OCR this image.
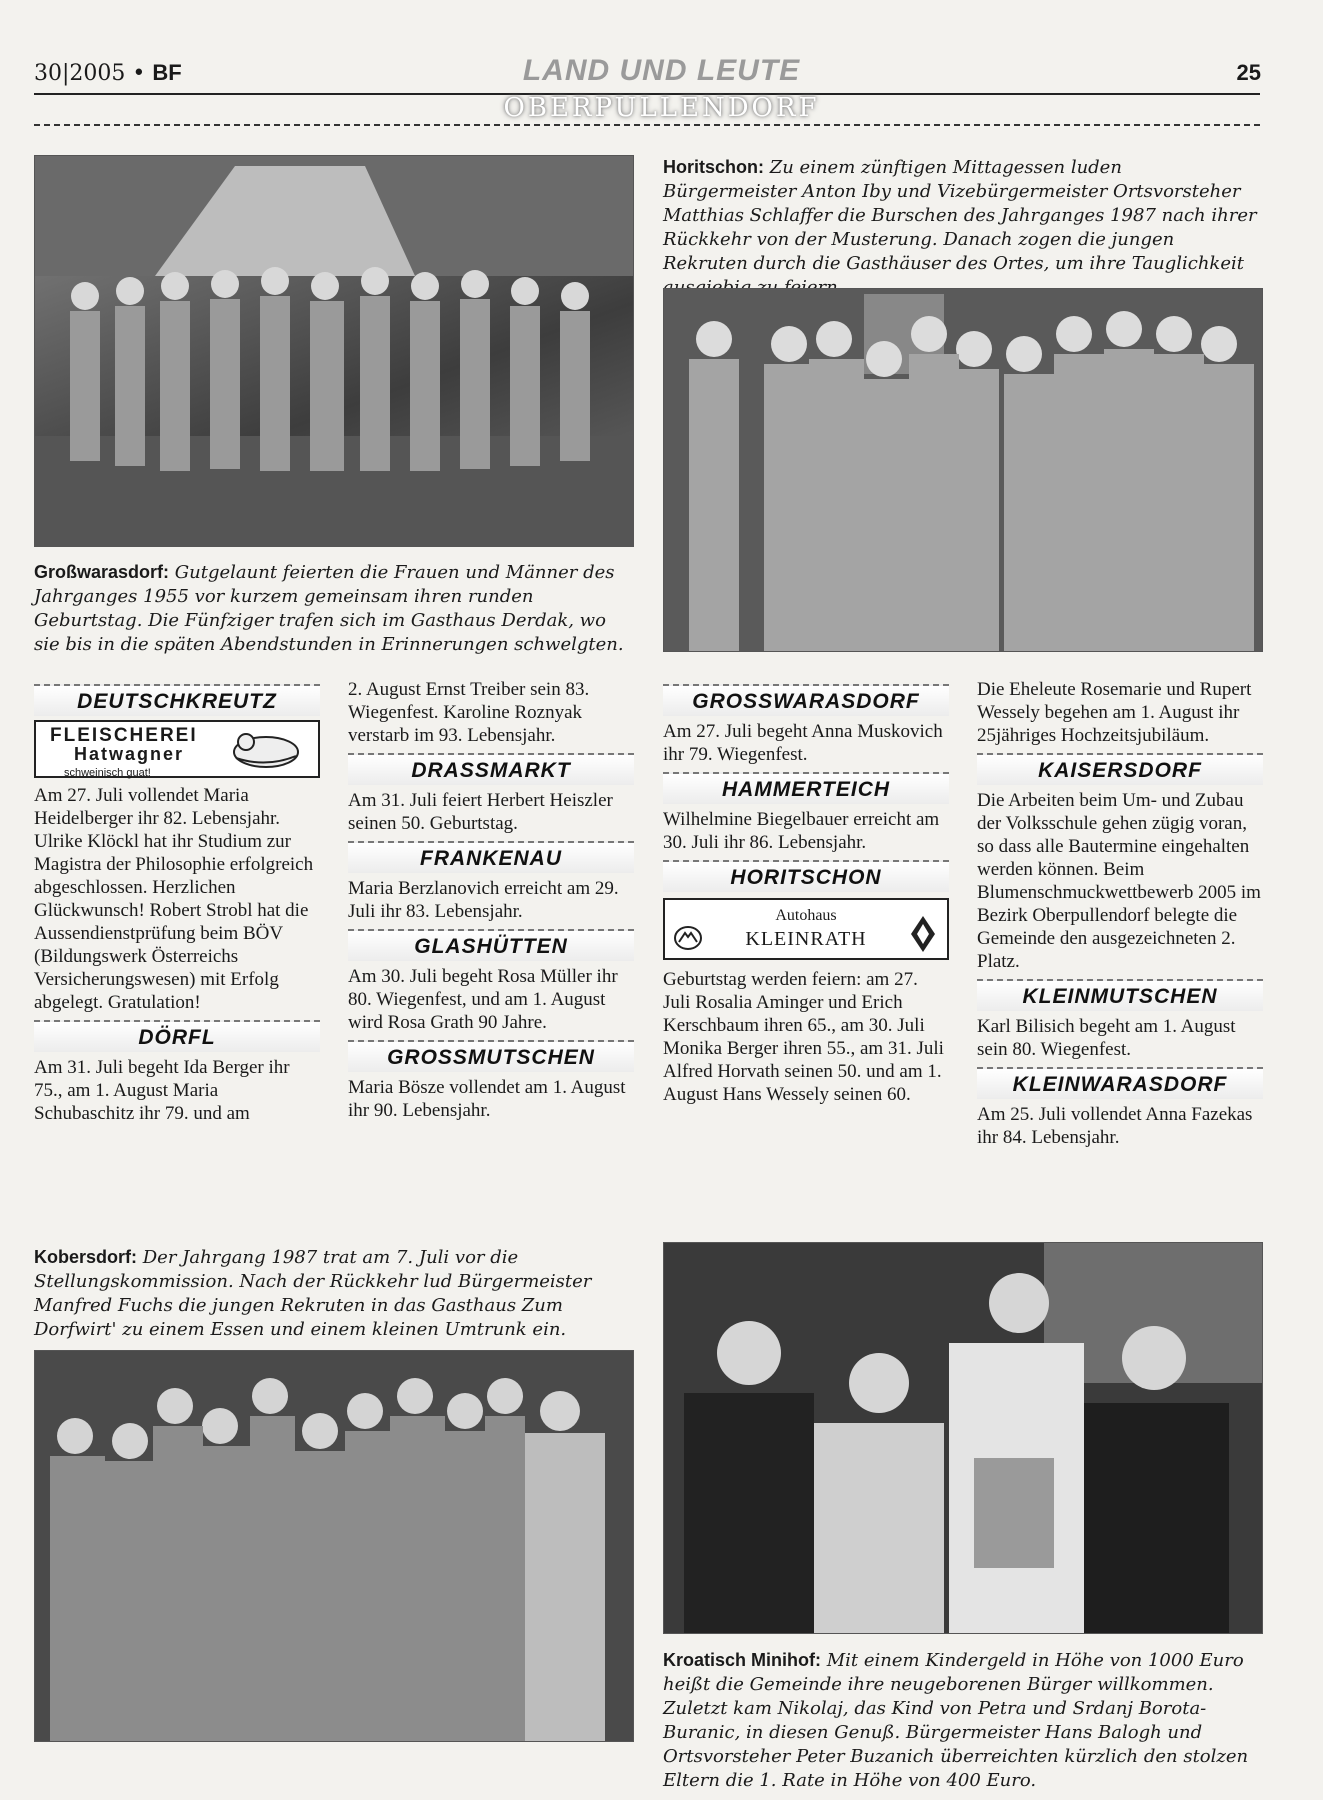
30|2005 • BF	LAND UND LEUTE	25
OBERPULLENDORF
Horitschon: Zu einem zünftigen Mittagessen luden Bürgermeister Anton Iby und Vizebürgermeister Ortsvorsteher Matthias Schlaffer die Burschen des Jahrganges 1987 nach ihrer Rückkehr von der Musterung. Danach zogen die jungen Rekruten durch die Gasthäuser des Ortes, um ihre Tauglichkeit
Großwarasdorf: Gutgelaunt feierten die Frauen und Männer des Jahrganges 1955 vor kurzem gemeinsam ihren runden Geburtstag. Die Fünfziger trafen sich im Gasthaus Derdak, wo sie bis in die späten Abendstunden in Erinnerungen schwelgten.
DEUTSCHKREUTZ
FLEISCHEREI
Hatwagner
schweinisch guat!

Am 27. Juli vollendet Maria Heidelberger ihr 82. Lebensjahr. Ulrike Klöckl hat ihr Studium zur Magistra der Philosophie erfolgreich abgeschlossen. Herzlichen Glückwunsch! Robert Strobl hat die Aussendienstprüfung beim BÖV (Bildungswerk Österreichs Versicherungswesen) mit Erfolg abgelegt. Gratulation!

DÖRFL

Am 31. Juli begeht Ida Berger ihr 75., am 1. August Maria Schubaschitz ihr 79. und am

2. August Ernst Treiber sein 83. Wiegenfest. Karoline Roznyak verstarb im 93. Lebensjahr.

DRASSMARKT

Am 31. Juli feiert Herbert Heiszler seinen 50. Geburtstag.

FRANKENAU

Maria Berzlanovich erreicht am 29. Juli ihr 83. Lebensjahr.

GLASHÜTTEN

Am 30. Juli begeht Rosa Müller ihr 80. Wiegenfest, und am 1. August wird Rosa Grath 90 Jahre.

GROSSMUTSCHEN

Maria Bösze vollendet am 1. August ihr 90. Lebensjahr.

GROSSWARASDORF

Am 27. Juli begeht Anna Muskovich ihr 79. Wiegenfest.

HAMMERTEICH

Wilhelmine Biegelbauer erreicht am 30. Juli ihr 86. Lebensjahr.

HORITSCHON
Autohaus
KLEINRATH

Geburtstag werden feiern: am 27. Juli Rosalia Aminger und Erich Kerschbaum ihren 65., am 30. Juli Monika Berger ihren 55., am 31. Juli Alfred Horvath seinen 50. und am 1. August Hans Wessely seinen 60.

Die Eheleute Rosemarie und Rupert Wessely begehen am 1. August ihr 25jähriges Hochzeitsjubiläum.

KAISERSDORF

Die Arbeiten beim Um- und Zubau der Volksschule gehen zügig voran, so dass alle Bautermine eingehalten werden können. Beim Blumenschmuckwettbewerb 2005 im Bezirk Oberpullendorf belegte die Gemeinde den ausgezeichneten 2. Platz.

KLEINMUTSCHEN

Karl Bilisich begeht am 1. August sein 80. Wiegenfest.

KLEINWARASDORF

Am 25. Juli vollendet Anna Fazekas ihr 84. Lebensjahr.

Kobersdorf: Der Jahrgang 1987 trat am 7. Juli vor die Stellungskommission. Nach der Rückkehr lud Bürgermeister Manfred Fuchs die jungen Rekruten in das Gasthaus Zum Dorfwirt' zu einem Essen und einem kleinen Umtrunk ein.
Kroatisch Minihof: Mit einem Kindergeld in Höhe von 1000 Euro heißt die Gemeinde ihre neugeborenen Bürger willkommen. Zuletzt kam Nikolaj, das Kind von Petra und Srdanj Borota-Buranic, in diesen Genuß. Bürgermeister Hans Balogh und Ortsvorsteher Peter Buzanich überreichten kürzlich den stolzen Eltern die 1. Rate in Höhe von 400 Euro.
